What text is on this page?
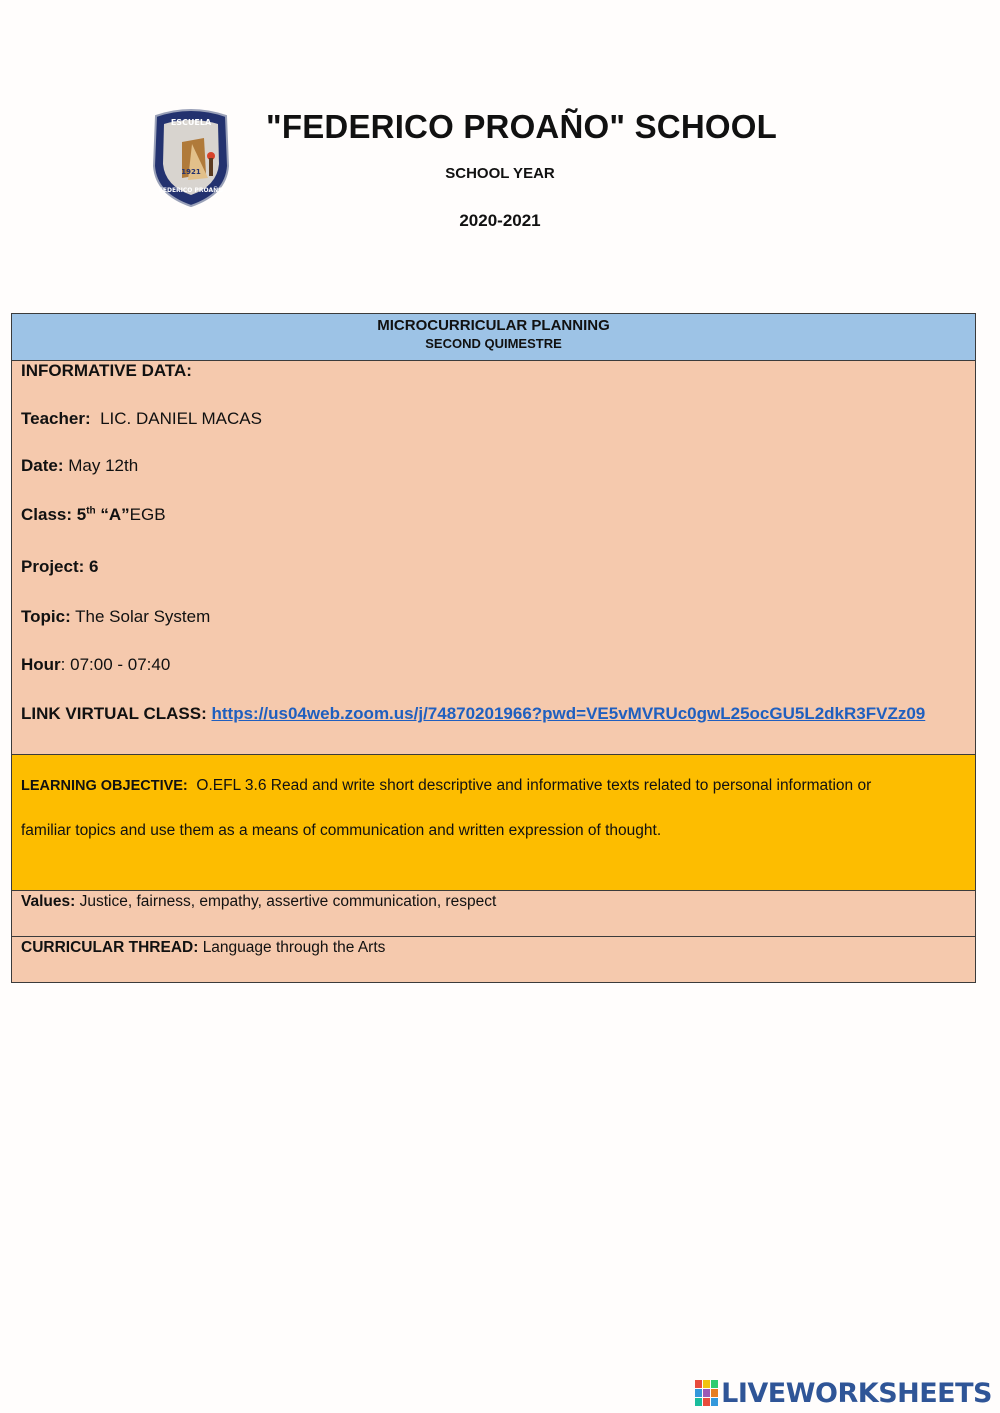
ESCUELA
1921
FEDERICO PROAÑO
"FEDERICO PROAÑO" SCHOOL
SCHOOL YEAR
2020-2021
MICROCURRICULAR PLANNING
SECOND QUIMESTRE
INFORMATIVE DATA:
Teacher: LIC. DANIEL MACAS
Date: May 12th
Class: 5th “A”EGB
Project: 6
Topic: The Solar System
Hour: 07:00 - 07:40
LINK VIRTUAL CLASS: https://us04web.zoom.us/j/74870201966?pwd=VE5vMVRUc0gwL25ocGU5L2dkR3FVZz09
LEARNING OBJECTIVE: O.EFL 3.6 Read and write short descriptive and informative texts related to personal information or
familiar topics and use them as a means of communication and written expression of thought.
Values: Justice, fairness, empathy, assertive communication, respect
CURRICULAR THREAD: Language through the Arts
LIVEWORKSHEETS
